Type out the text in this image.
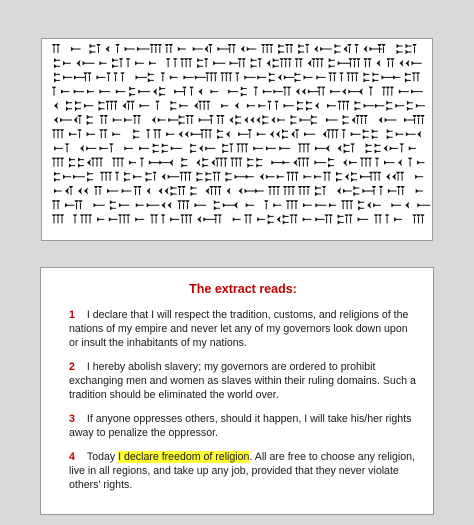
The extract reads:

1 I declare that I will respect the tradition, customs, and religions of the nations of my empire and never let any of my governors look down upon or insult the inhabitants of my nations.

2 I hereby abolish slavery; my governors are ordered to prohibit exchanging men and women as slaves within their ruling domains. Such a tradition should be eliminated the world over.

3 If anyone oppresses others, should it happen, I will take his/her rights away to penalize the oppressor.

4 Today I declare freedom of religion. All are free to choose any religion, live in all regions, and take up any job, provided that they never violate others' rights.
